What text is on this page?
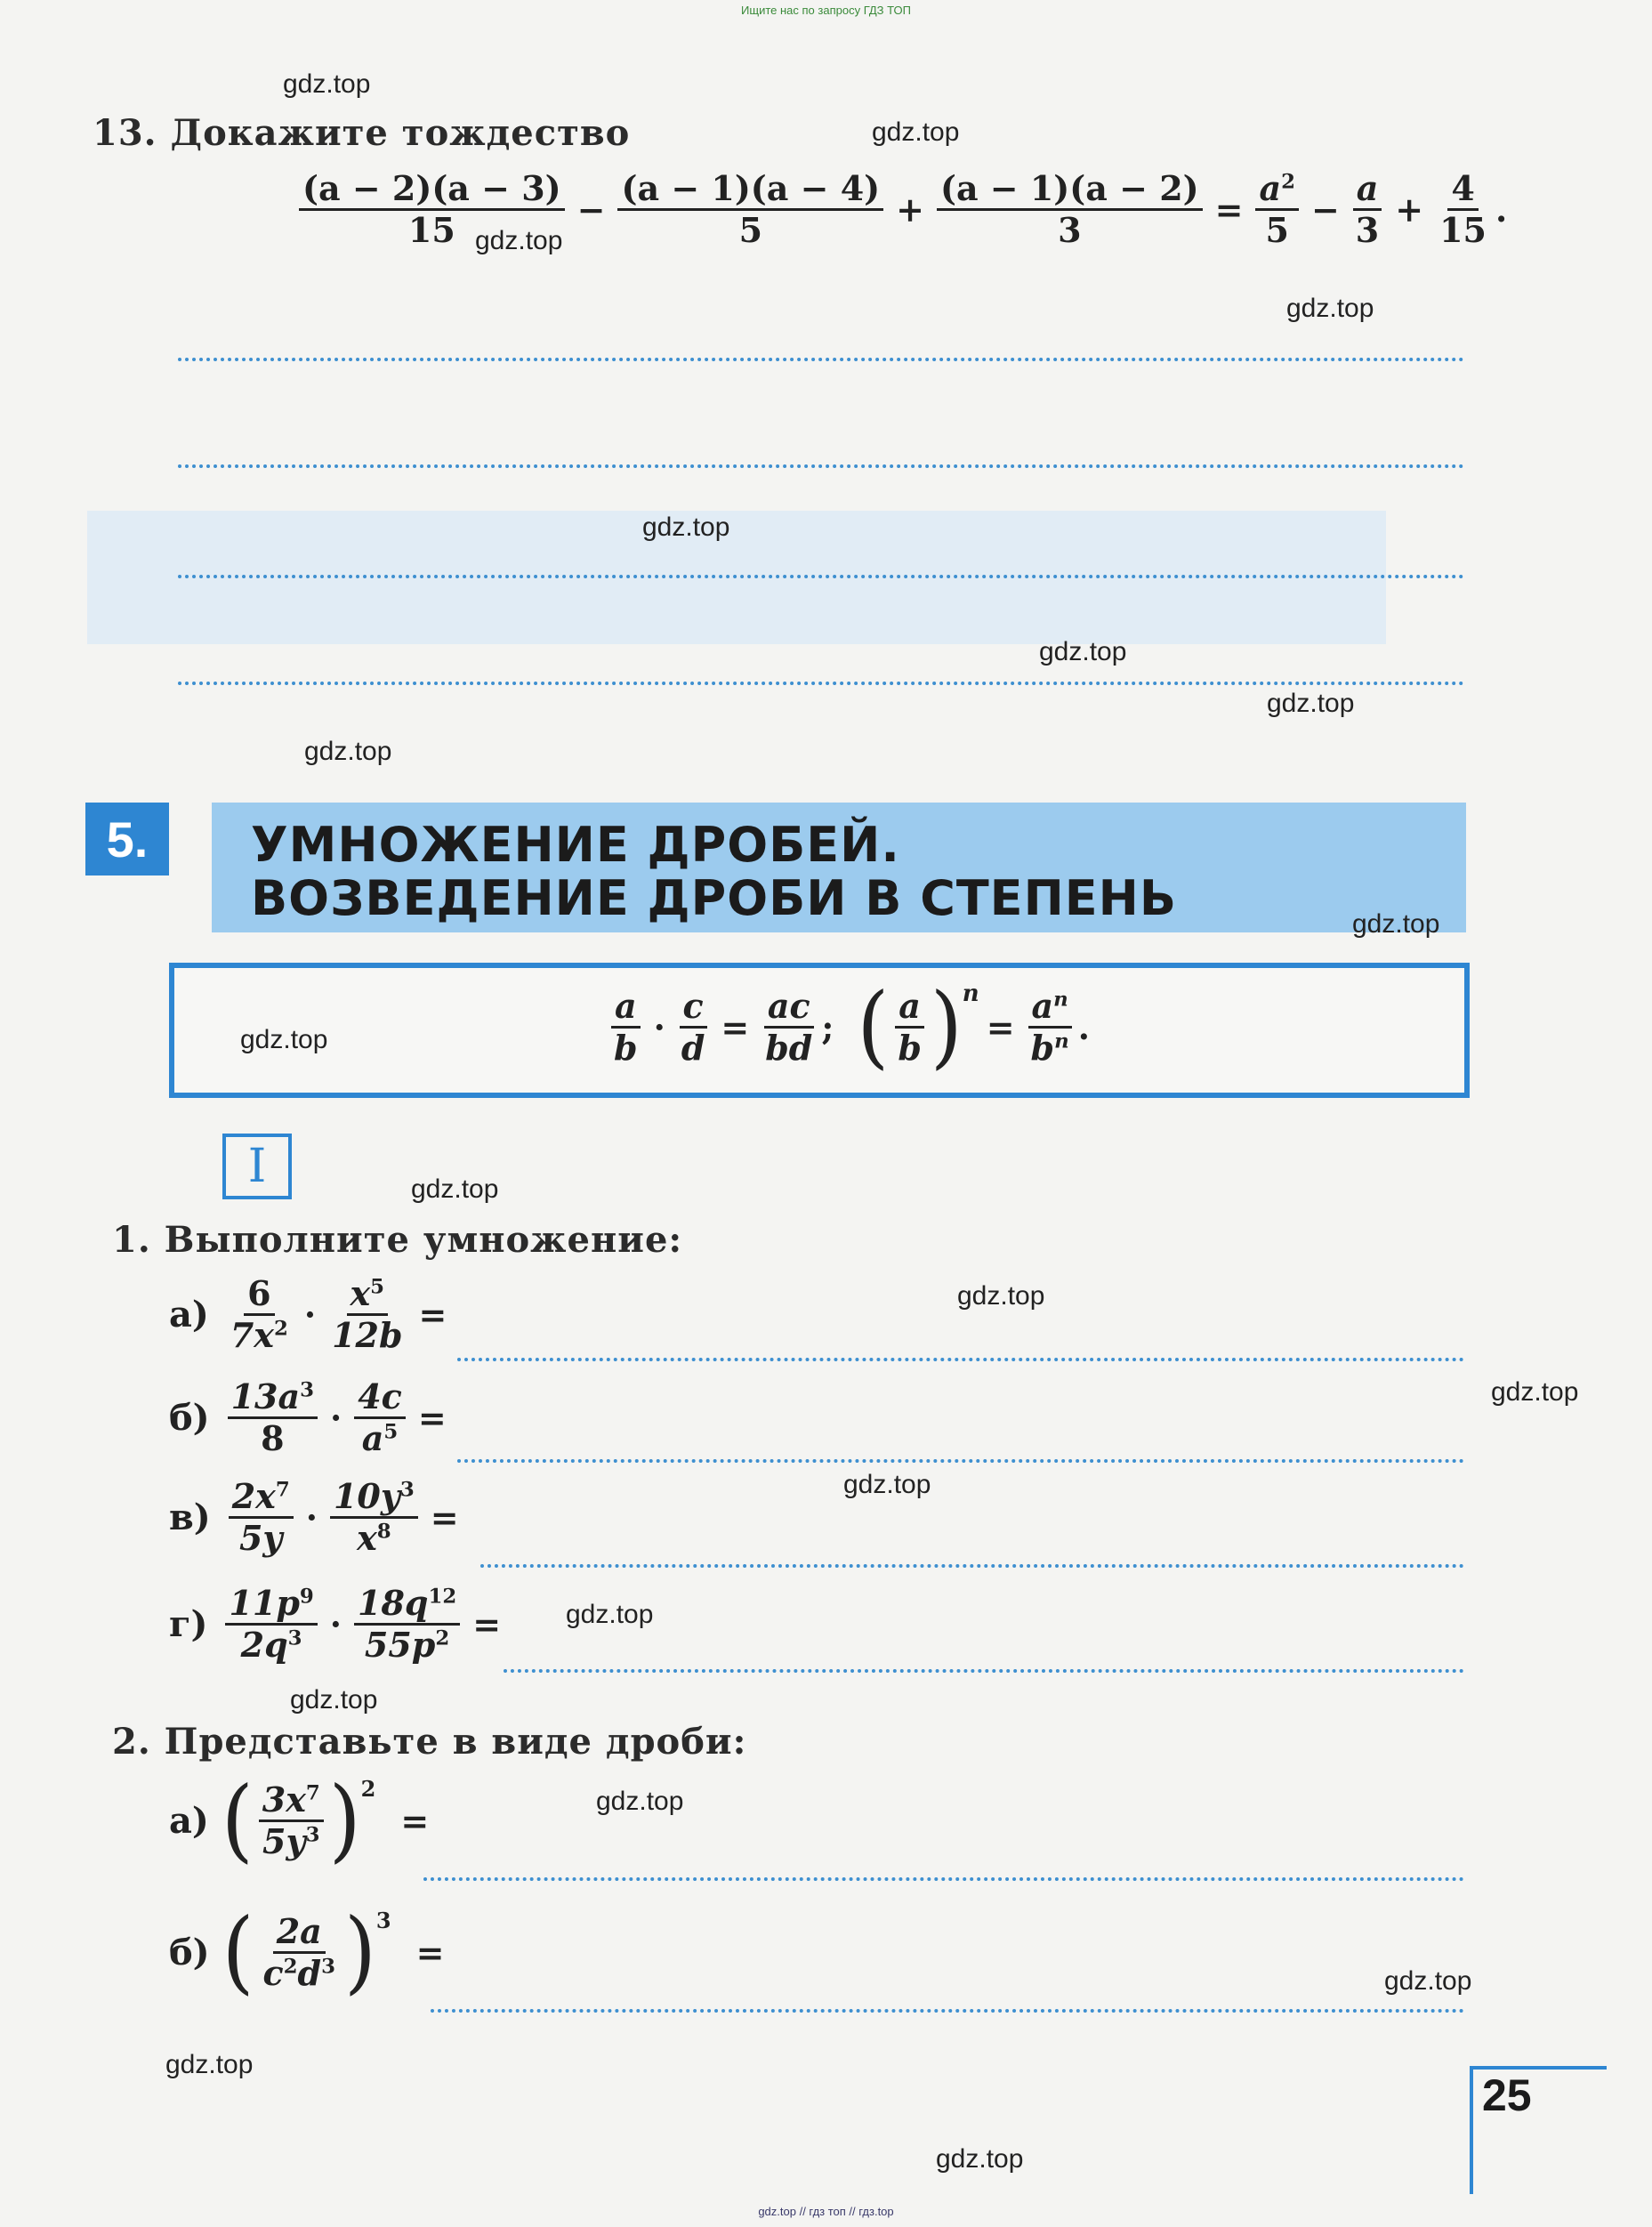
Ищите нас по запросу ГДЗ ТОП
gdz.top // гдз топ // гдз.top
13. Докажите тождество
$\frac{(a - 2)(a - 3)}{15} - \frac{(a - 1)(a - 4)}{5} + \frac{(a - 1)(a - 2)}{3} = \frac{a^2}{5} - \frac{a}{3} + \frac{4}{15}$ .
5.	УМНОЖЕНИЕ ДРОБЕЙ.
ВОЗВЕДЕНИЕ ДРОБИ В СТЕПЕНЬ
$\frac{a}{b} \cdot \frac{c}{d} = \frac{ac}{bd}$ ; ( $\frac{a}{b}$ ) n
= $\frac{a^n}{b^n}$ .
I
1. Выполните умножение:
$а) \frac{6}{7x^2} \cdot \frac{x^5}{12b}$ =
$б) \frac{13a^3}{8} \cdot \frac{4c}{a^5}$ =
$в) \frac{2x^7}{5y} \cdot \frac{10y^3}{x^8}$ =
$г) \frac{11p^9}{2q^3} \cdot \frac{18q^{12}}{55p^2}$ =
2. Представьте в виде дроби:
а) ( $\frac{3x^7}{5y^3}$ ) 2
=
б) ( $\frac{2a}{c^2d^3}$ ) 3
=
25
gdz.top
gdz.top
gdz.top
gdz.top
gdz.top
gdz.top
gdz.top
gdz.top
gdz.top
gdz.top
gdz.top
gdz.top
gdz.top
gdz.top
gdz.top
gdz.top
gdz.top
gdz.top
gdz.top
gdz.top
